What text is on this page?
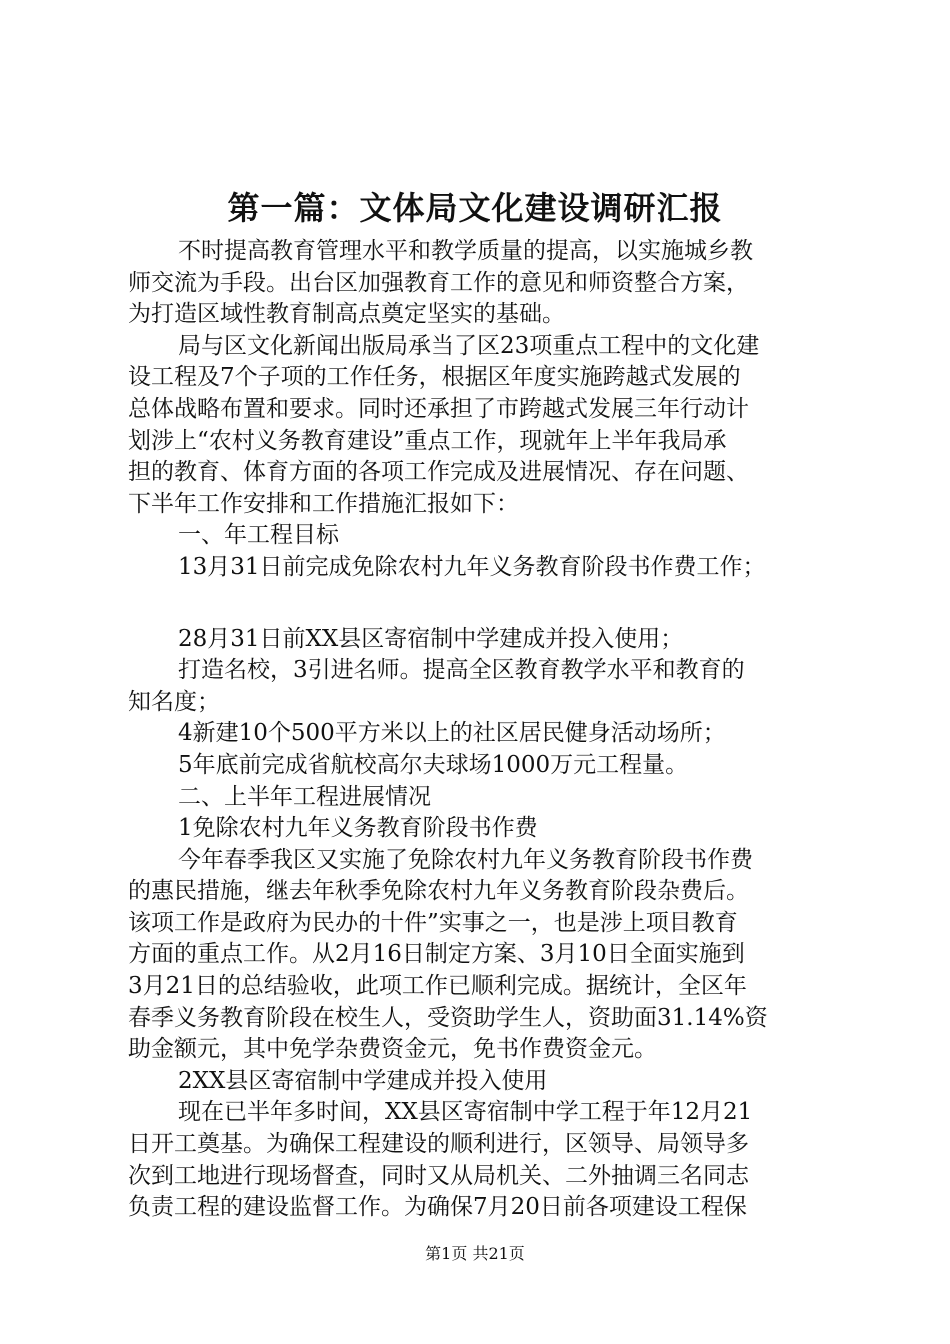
第一篇：文体局文化建设调研汇报
不时提高教育管理水平和教学质量的提高，以实施城乡教
师交流为手段。出台区加强教育工作的意见和师资整合方案，
为打造区域性教育制高点奠定坚实的基础。
局与区文化新闻出版局承当了区23项重点工程中的文化建
设工程及7个子项的工作任务，根据区年度实施跨越式发展的
总体战略布置和要求。同时还承担了市跨越式发展三年行动计
划涉上“农村义务教育建设”重点工作，现就年上半年我局承
担的教育、体育方面的各项工作完成及进展情况、存在问题、
下半年工作安排和工作措施汇报如下：
一、年工程目标
13月31日前完成免除农村九年义务教育阶段书作费工作；
28月31日前XX县区寄宿制中学建成并投入使用；
打造名校，3引进名师。提高全区教育教学水平和教育的
知名度；
4新建10个500平方米以上的社区居民健身活动场所；
5年底前完成省航校高尔夫球场1000万元工程量。
二、上半年工程进展情况
1免除农村九年义务教育阶段书作费
今年春季我区又实施了免除农村九年义务教育阶段书作费
的惠民措施，继去年秋季免除农村九年义务教育阶段杂费后。
该项工作是政府为民办的十件”实事之一，也是涉上项目教育
方面的重点工作。从2月16日制定方案、3月10日全面实施到
3月21日的总结验收，此项工作已顺利完成。据统计，全区年
春季义务教育阶段在校生人，受资助学生人，资助面31.14%资
助金额元，其中免学杂费资金元，免书作费资金元。
2XX县区寄宿制中学建成并投入使用
现在已半年多时间，XX县区寄宿制中学工程于年12月21
日开工奠基。为确保工程建设的顺利进行，区领导、局领导多
次到工地进行现场督查，同时又从局机关、二外抽调三名同志
负责工程的建设监督工作。为确保7月20日前各项建设工程保
第1页 共21页
